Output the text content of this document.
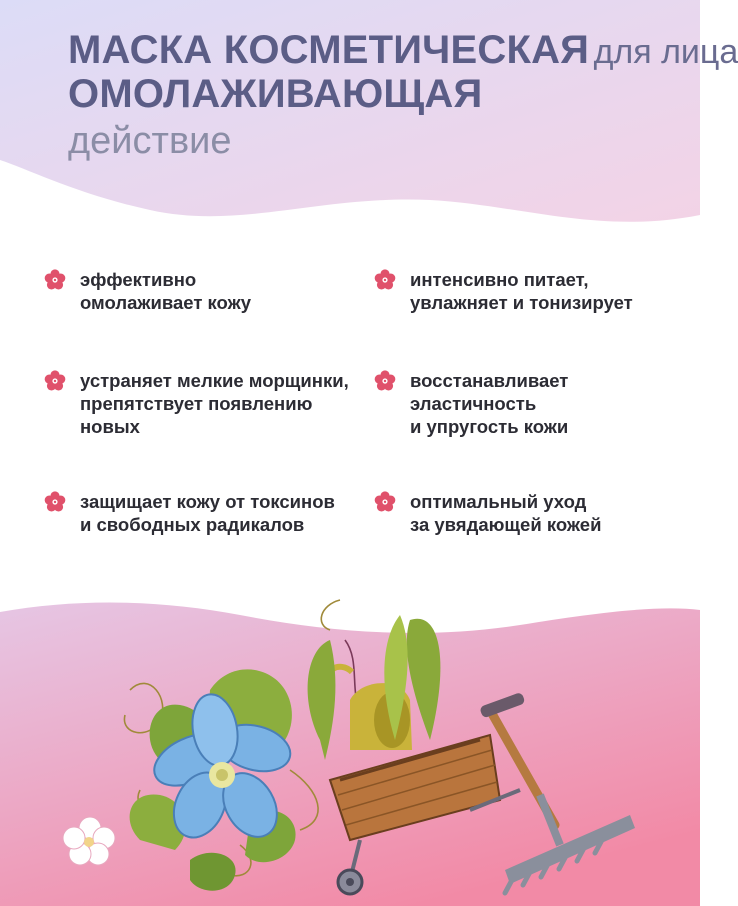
МАСКА КОСМЕТИЧЕСКАЯ для лица
ОМОЛАЖИВАЮЩАЯ
действие
эффективно
омолаживает кожу
интенсивно питает,
увлажняет и тонизирует
устраняет мелкие морщинки,
препятствует появлению
новых
восстанавливает
эластичность
и упругость кожи
защищает кожу от токсинов
и свободных радикалов
оптимальный уход
за увядающей кожей
